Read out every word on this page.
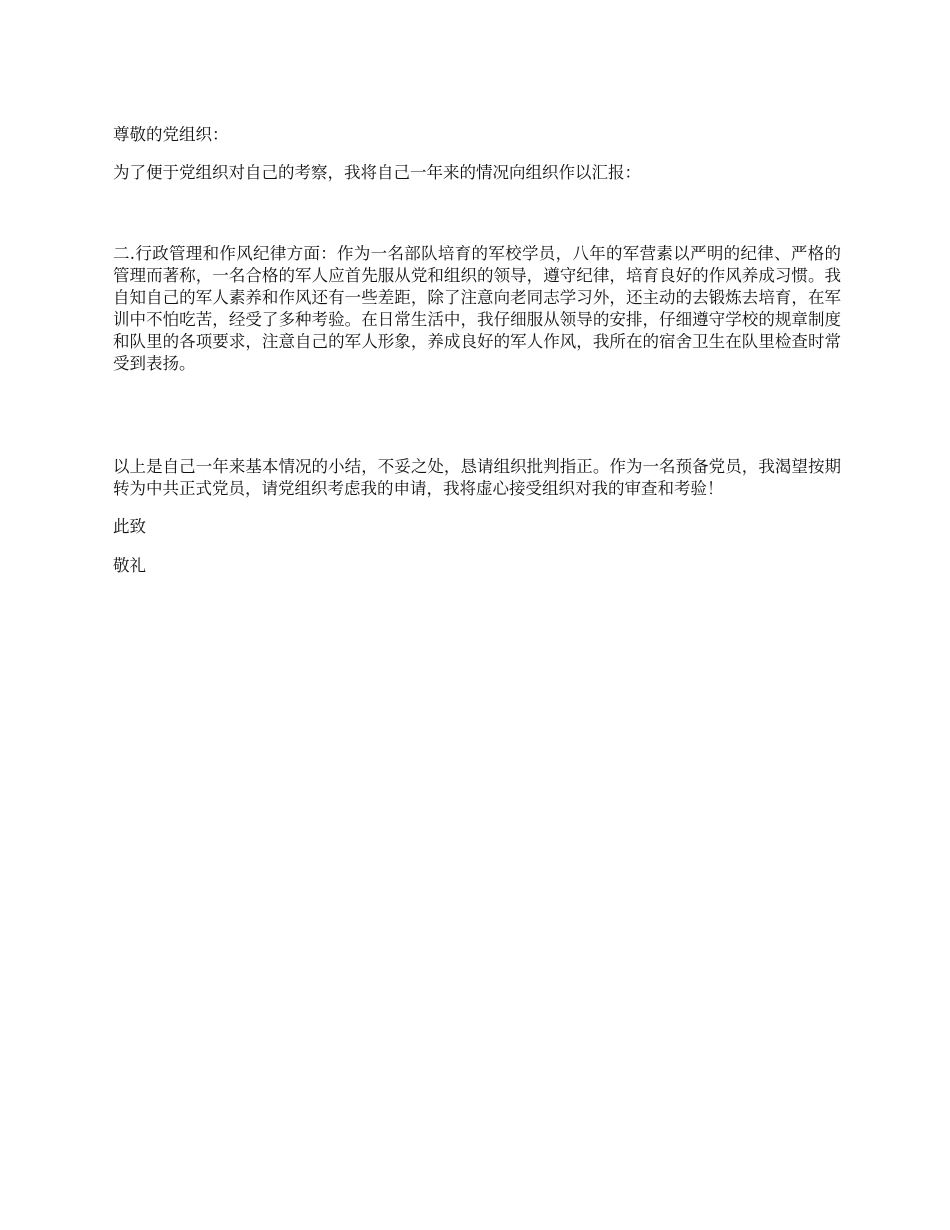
尊敬的党组织：

为了便于党组织对自己的考察，我将自己一年来的情况向组织作以汇报：

二.行政管理和作风纪律方面：作为一名部队培育的军校学员，八年的军营素以严明的纪律、严格的管理而著称，一名合格的军人应首先服从党和组织的领导，遵守纪律，培育良好的作风养成习惯。我自知自己的军人素养和作风还有一些差距，除了注意向老同志学习外，还主动的去锻炼去培育，在军训中不怕吃苦，经受了多种考验。在日常生活中，我仔细服从领导的安排，仔细遵守学校的规章制度和队里的各项要求，注意自己的军人形象，养成良好的军人作风，我所在的宿舍卫生在队里检查时常受到表扬。

以上是自己一年来基本情况的小结，不妥之处，恳请组织批判指正。作为一名预备党员，我渴望按期转为中共正式党员，请党组织考虑我的申请，我将虚心接受组织对我的审查和考验！

此致

敬礼
